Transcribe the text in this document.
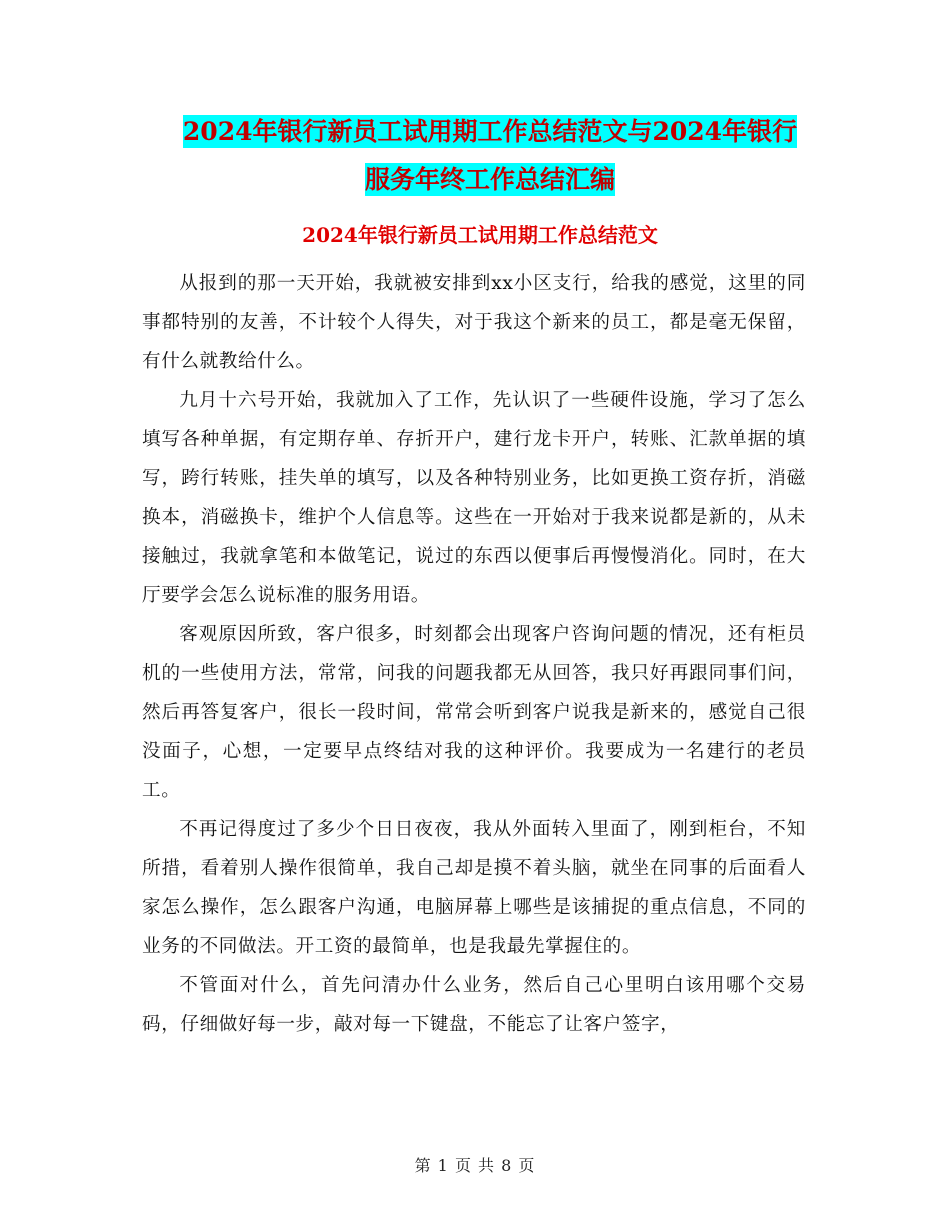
2024年银行新员工试用期工作总结范文与2024年银行
服务年终工作总结汇编
2024年银行新员工试用期工作总结范文

从报到的那一天开始，我就被安排到xx小区支行，给我的感觉，这里的同事都特别的友善，不计较个人得失，对于我这个新来的员工，都是毫无保留，有什么就教给什么。

九月十六号开始，我就加入了工作，先认识了一些硬件设施，学习了怎么填写各种单据，有定期存单、存折开户，建行龙卡开户，转账、汇款单据的填写，跨行转账，挂失单的填写，以及各种特别业务，比如更换工资存折，消磁换本，消磁换卡，维护个人信息等。这些在一开始对于我来说都是新的，从未接触过，我就拿笔和本做笔记，说过的东西以便事后再慢慢消化。同时，在大厅要学会怎么说标准的服务用语。

客观原因所致，客户很多，时刻都会出现客户咨询问题的情况，还有柜员机的一些使用方法，常常，问我的问题我都无从回答，我只好再跟同事们问，然后再答复客户，很长一段时间，常常会听到客户说我是新来的，感觉自己很没面子，心想，一定要早点终结对我的这种评价。我要成为一名建行的老员工。

不再记得度过了多少个日日夜夜，我从外面转入里面了，刚到柜台，不知所措，看着别人操作很简单，我自己却是摸不着头脑，就坐在同事的后面看人家怎么操作，怎么跟客户沟通，电脑屏幕上哪些是该捕捉的重点信息，不同的业务的不同做法。开工资的最简单，也是我最先掌握住的。

不管面对什么，首先问清办什么业务，然后自己心里明白该用哪个交易码，仔细做好每一步，敲对每一下键盘，不能忘了让客户签字，

第 1 页 共 8 页
